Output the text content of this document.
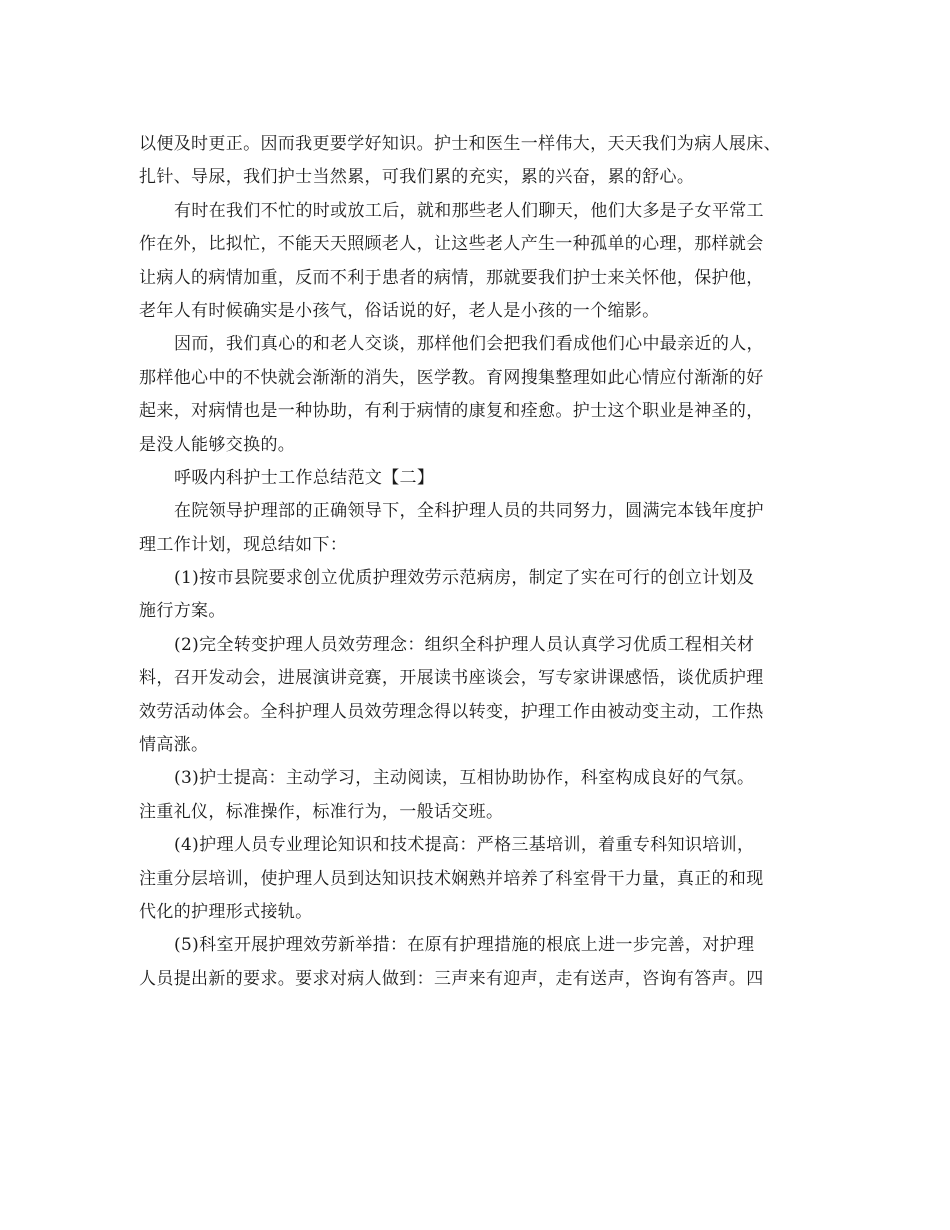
以便及时更正。因而我更要学好知识。护士和医生一样伟大，天天我们为病人展床、
扎针、导尿，我们护士当然累，可我们累的充实，累的兴奋，累的舒心。
有时在我们不忙的时或放工后，就和那些老人们聊天，他们大多是子女平常工
作在外，比拟忙，不能天天照顾老人，让这些老人产生一种孤单的心理，那样就会
让病人的病情加重，反而不利于患者的病情，那就要我们护士来关怀他，保护他，
老年人有时候确实是小孩气，俗话说的好，老人是小孩的一个缩影。
因而，我们真心的和老人交谈，那样他们会把我们看成他们心中最亲近的人，
那样他心中的不快就会渐渐的消失，医学教。育网搜集整理如此心情应付渐渐的好
起来，对病情也是一种协助，有利于病情的康复和痊愈。护士这个职业是神圣的，
是没人能够交换的。
呼吸内科护士工作总结范文【二】
在院领导护理部的正确领导下，全科护理人员的共同努力，圆满完本钱年度护
理工作计划，现总结如下：
(1)按市县院要求创立优质护理效劳示范病房，制定了实在可行的创立计划及
施行方案。
(2)完全转变护理人员效劳理念：组织全科护理人员认真学习优质工程相关材
料，召开发动会，进展演讲竞赛，开展读书座谈会，写专家讲课感悟，谈优质护理
效劳活动体会。全科护理人员效劳理念得以转变，护理工作由被动变主动，工作热
情高涨。
(3)护士提高：主动学习，主动阅读，互相协助协作，科室构成良好的气氛。
注重礼仪，标准操作，标准行为，一般话交班。
(4)护理人员专业理论知识和技术提高：严格三基培训，着重专科知识培训，
注重分层培训，使护理人员到达知识技术娴熟并培养了科室骨干力量，真正的和现
代化的护理形式接轨。
(5)科室开展护理效劳新举措：在原有护理措施的根底上进一步完善，对护理
人员提出新的要求。要求对病人做到：三声来有迎声，走有送声，咨询有答声。四
